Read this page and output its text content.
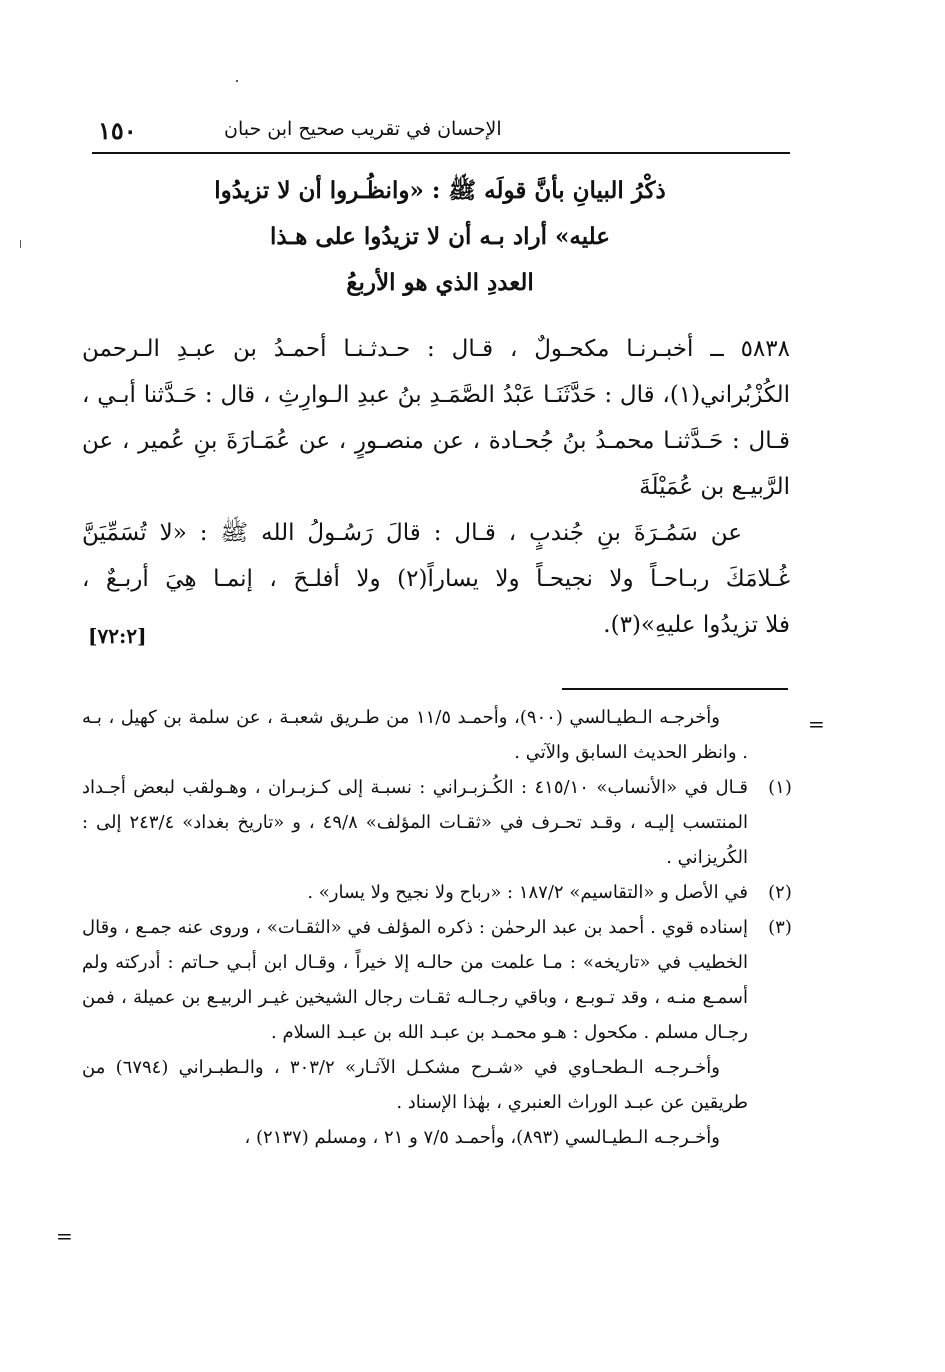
١٥٠	الإحسان في تقريب صحيح ابن حبان
ذكْرُ البيانِ بأنَّ قولَه ﷺ : «وانظُـروا أن لا تزيدُوا
عليه» أراد بـه أن لا تزيدُوا على هـذا
العددِ الذي هو الأربعُ
٥٨٣٨ ــ أخبـرنـا مكحـولٌ ، قـال : حـدثـنـا أحمـدُ بن عبـدِ الـرحمن
الكُزْبُراني(١)، قال : حَدَّثَنَـا عَبْدُ الصَّمَـدِ بنُ عبدِ الـوارِثِ ، قال : حَـدَّثنا أبـي ،
قـال : حَـدَّثنـا محمـدُ بنُ جُحـادة ، عن منصـورٍ ، عن عُمَـارَةَ بنِ عُمير ، عن
الرَّبيـع بن عُمَيْلَةَ
عن سَمُـرَةَ بنِ جُندبٍ ، قـال : قالَ رَسُـولُ الله ﷺ : «لا تُسَمِّيَنَّ
غُـلامَكَ ربـاحـاً ولا نجيحـاً ولا يساراً(٢) ولا أفلـحَ ، إنمـا هِيَ أربـعٌ ،
فلا تزيدُوا عليهِ»(٣).
[٧٢:٢]
=
وأخرجـه الـطيـالسي (٩٠٠)، وأحمـد ١١/٥ من طـريق شعبـة ، عن سلمة بن كهيل ، بـه . وانظر الحديث السابق والآتي .
(١)
قـال في «الأنساب» ٤١٥/١٠ : الكُـزبـراني : نسبـة إلى كـزبـران ، وهـولقب لبعض أجـداد المنتسب إليـه ، وقـد تحـرف في «ثقـات المؤلف» ٤٩/٨ ، و «تاريخ بغداد» ٢٤٣/٤ إلى : الكُريزاني .
(٢)
في الأصل و «التقاسيم» ١٨٧/٢ : «رباح ولا نجيح ولا يسار» .
(٣)
إسناده قوي . أحمد بن عبد الرحمٰن : ذكره المؤلف في «الثقـات» ، وروى عنه جمـع ، وقال الخطيب في «تاريخه» : مـا علمت من حالـه إلا خيراً ، وقـال ابن أبـي حـاتم : أدركته ولم أسمـع منـه ، وقد تـوبـع ، وباقي رجـالـه ثقـات رجال الشيخين غيـر الربيـع بن عميلة ، فمن رجـال مسلم . مكحول : هـو محمـد بن عبـد الله بن عبـد السلام .
وأخـرجـه الـطحـاوي في «شـرح مشكـل الآثـار» ٣٠٣/٢ ، والـطبـراني (٦٧٩٤) من طريقين عن عبـد الوراث العنبري ، بهٰذا الإسناد .
وأخـرجـه الـطيـالسي (٨٩٣)، وأحمـد ٧/٥ و ٢١ ، ومسلم (٢١٣٧) ،
=
